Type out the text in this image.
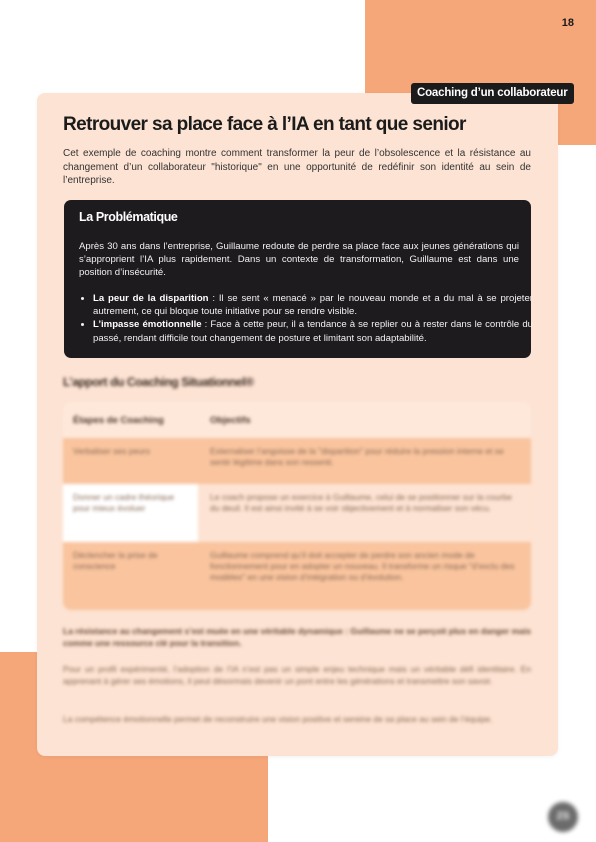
18
Coaching d’un collaborateur
Retrouver sa place face à l’IA en tant que senior

Cet exemple de coaching montre comment transformer la peur de l’obsolescence et la résistance au changement d’un collaborateur "historique" en une opportunité de redéfinir son identité au sein de l’entreprise.

La Problématique

Après 30 ans dans l’entreprise, Guillaume redoute de perdre sa place face aux jeunes générations qui s’approprient l’IA plus rapidement. Dans un contexte de transformation, Guillaume est dans une position d’insécurité.

• La peur de la disparition : Il se sent « menacé » par le nouveau monde et a du mal à se projeter autrement, ce qui bloque toute initiative pour se rendre visible.
• L’impasse émotionnelle : Face à cette peur, il a tendance à se replier ou à rester dans le contrôle du passé, rendant difficile tout changement de posture et limitant son adaptabilité.
L’apport du Coaching Situationnel®
Étapes de Coaching	Objectifs
Verbaliser ses peurs	Externaliser l’angoisse de la "disparition" pour réduire la pression interne et se sentir légitime dans son ressenti.
Donner un cadre théorique pour mieux évoluer
Le coach propose un exercice à Guillaume, celui de se positionner sur la courbe du deuil. Il est ainsi invité à se voir objectivement et à normaliser son vécu.
Déclencher la prise de conscience
Guillaume comprend qu’il doit accepter de perdre son ancien mode de fonctionnement pour en adopter un nouveau. Il transforme un risque "d’exclu des modèles" en une vision d’intégration ou d’évolution.

La résistance au changement s’est muée en une véritable dynamique : Guillaume ne se perçoit plus en danger mais comme une ressource clé pour la transition.

Pour un profil expérimenté, l’adoption de l’IA n’est pas un simple enjeu technique mais un véritable défi identitaire. En apprenant à gérer ses émotions, il peut désormais devenir un pont entre les générations et transmettre son savoir.

La compétence émotionnelle permet de reconstruire une vision positive et sereine de sa place au sein de l’équipe.

ZS
